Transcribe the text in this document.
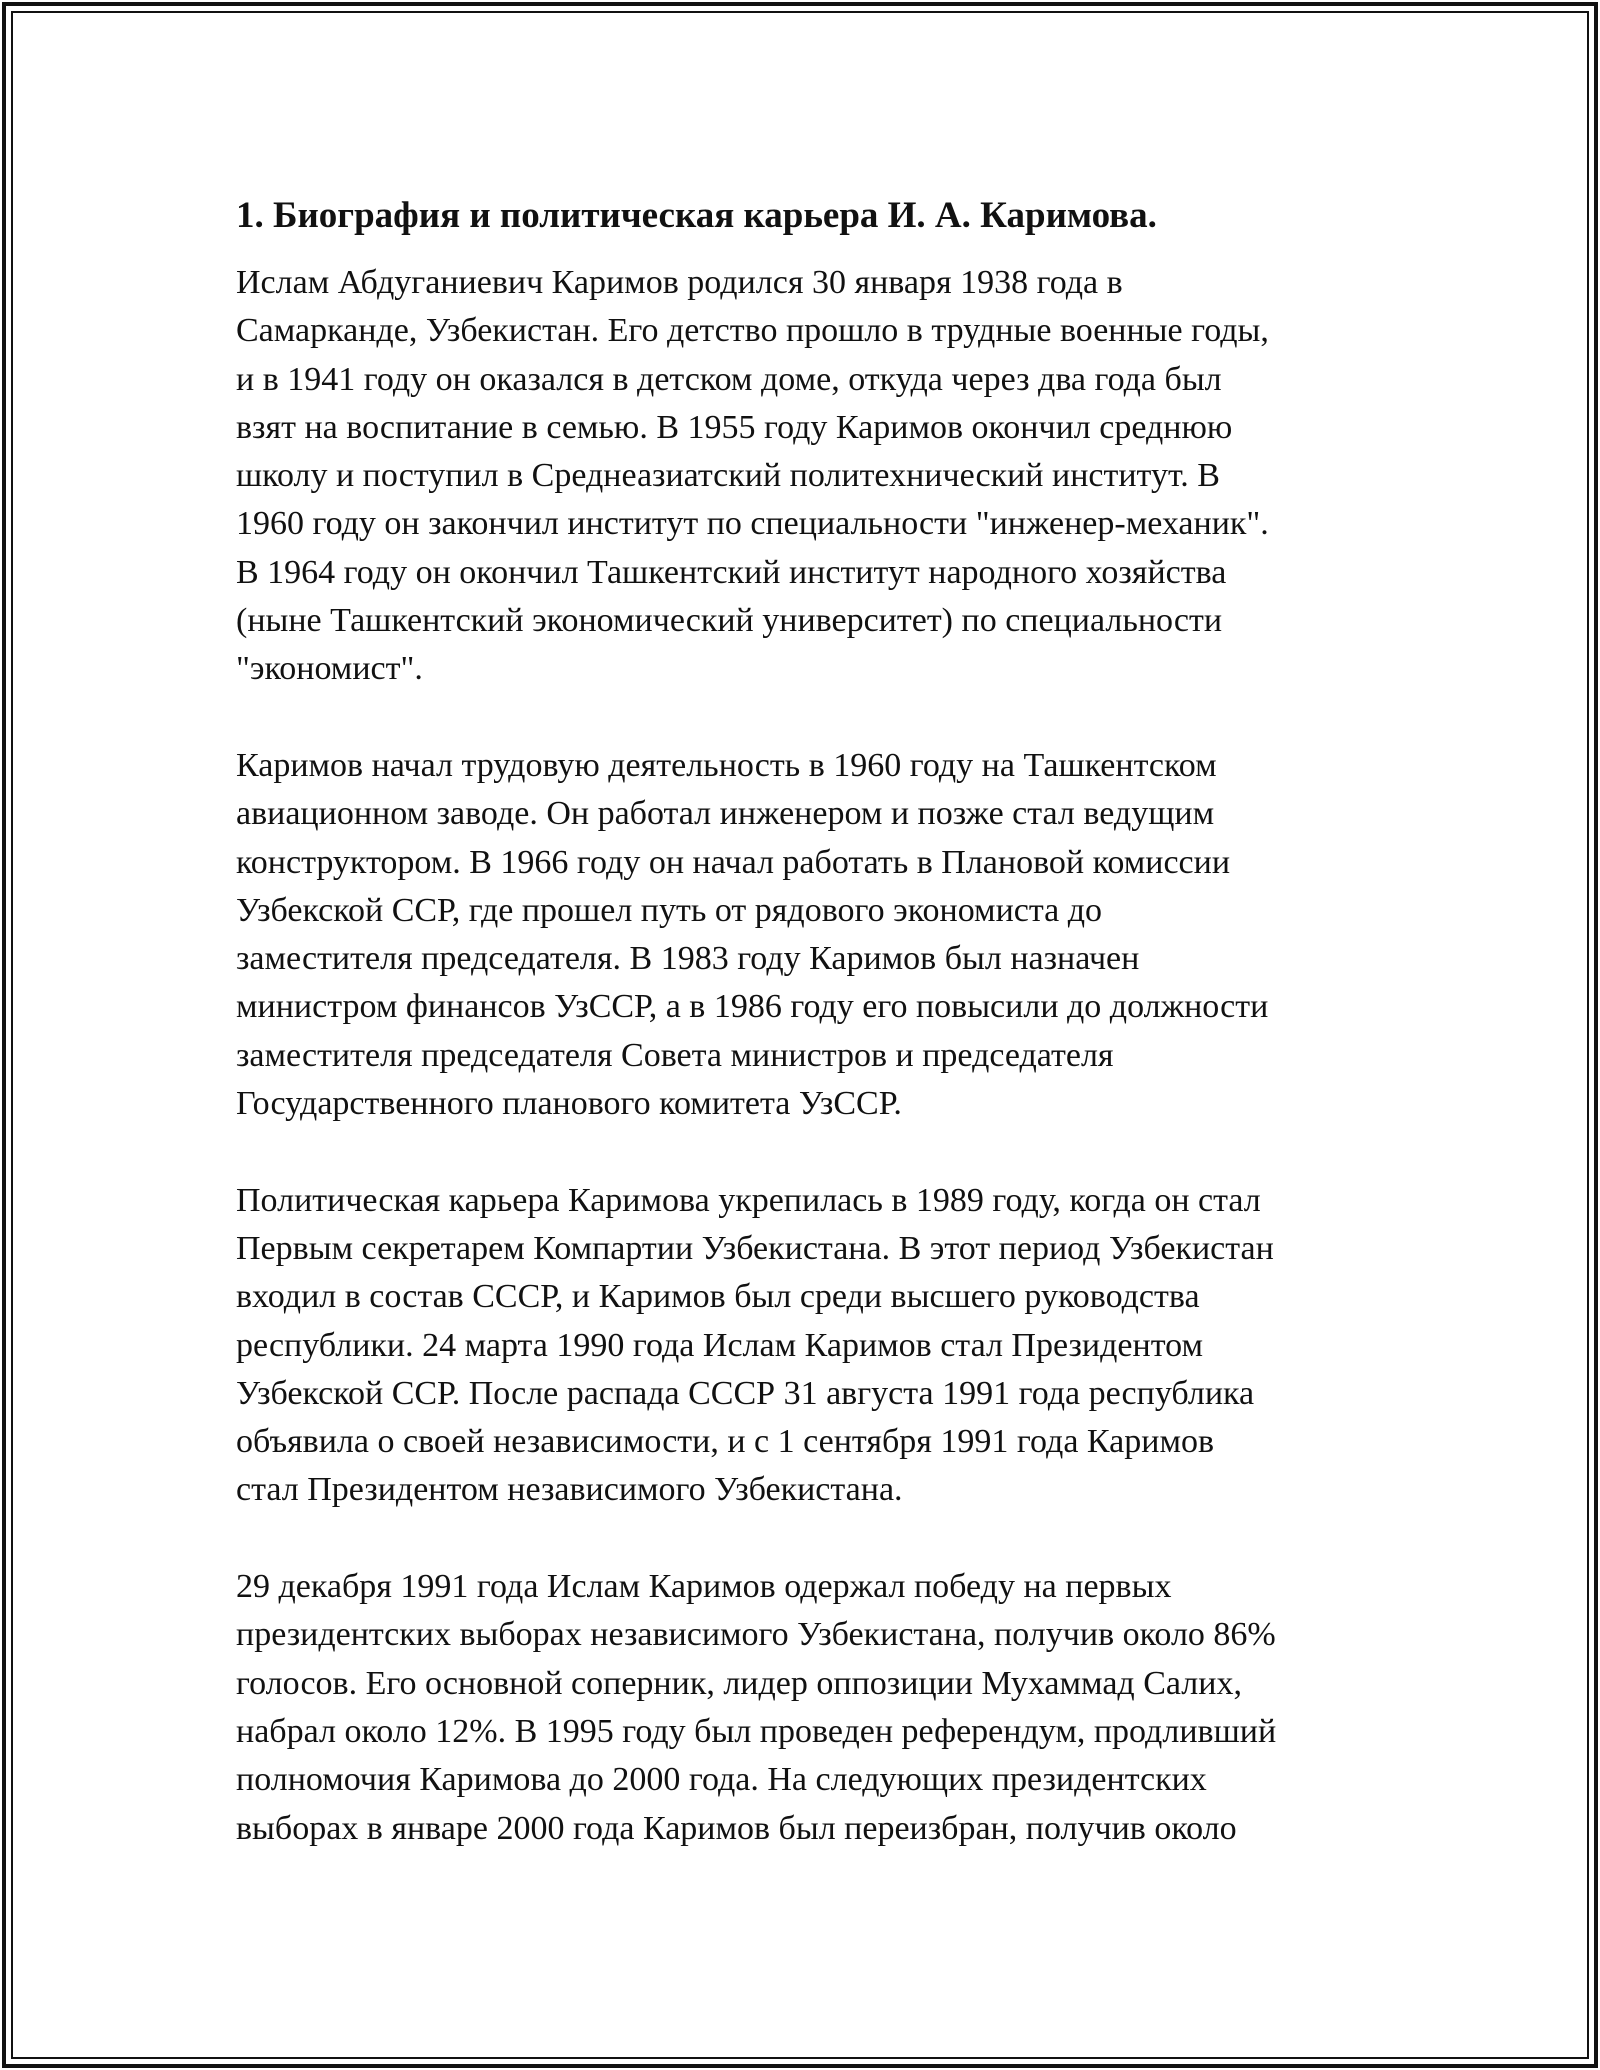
1. Биография и политическая карьера И. А. Каримова.

Ислам Абдуганиевич Каримов родился 30 января 1938 года в
Самарканде, Узбекистан. Его детство прошло в трудные военные годы,
и в 1941 году он оказался в детском доме, откуда через два года был
взят на воспитание в семью. В 1955 году Каримов окончил среднюю
школу и поступил в Среднеазиатский политехнический институт. В
1960 году он закончил институт по специальности "инженер-механик".
В 1964 году он окончил Ташкентский институт народного хозяйства
(ныне Ташкентский экономический университет) по специальности
"экономист".

Каримов начал трудовую деятельность в 1960 году на Ташкентском
авиационном заводе. Он работал инженером и позже стал ведущим
конструктором. В 1966 году он начал работать в Плановой комиссии
Узбекской ССР, где прошел путь от рядового экономиста до
заместителя председателя. В 1983 году Каримов был назначен
министром финансов УзССР, а в 1986 году его повысили до должности
заместителя председателя Совета министров и председателя
Государственного планового комитета УзССР.

Политическая карьера Каримова укрепилась в 1989 году, когда он стал
Первым секретарем Компартии Узбекистана. В этот период Узбекистан
входил в состав СССР, и Каримов был среди высшего руководства
республики. 24 марта 1990 года Ислам Каримов стал Президентом
Узбекской ССР. После распада СССР 31 августа 1991 года республика
объявила о своей независимости, и с 1 сентября 1991 года Каримов
стал Президентом независимого Узбекистана.

29 декабря 1991 года Ислам Каримов одержал победу на первых
президентских выборах независимого Узбекистана, получив около 86%
голосов. Его основной соперник, лидер оппозиции Мухаммад Салих,
набрал около 12%. В 1995 году был проведен референдум, продливший
полномочия Каримова до 2000 года. На следующих президентских
выборах в январе 2000 года Каримов был переизбран, получив около
